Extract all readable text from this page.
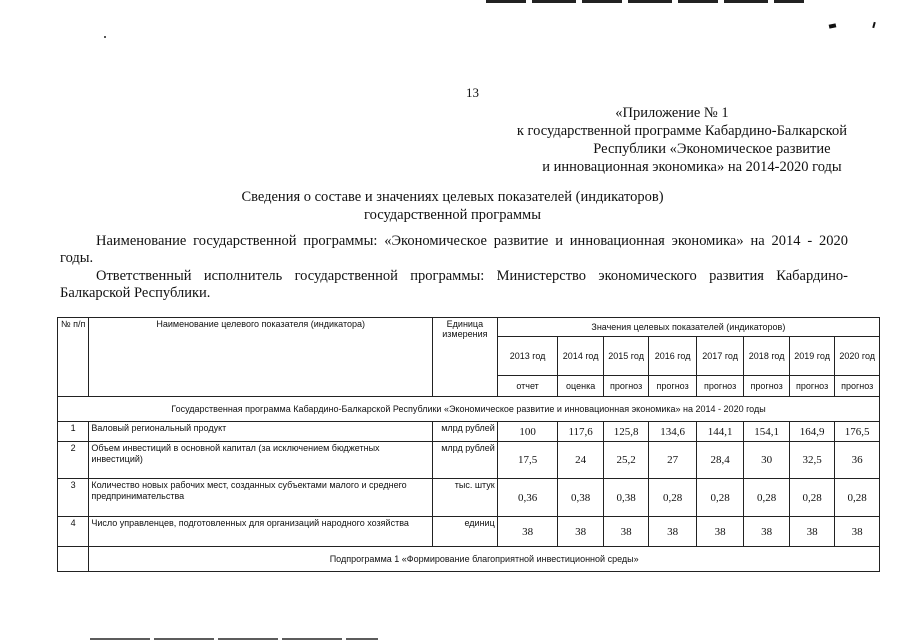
13
«Приложение № 1
к государственной программе Кабардино-Балкарской
Республики «Экономическое развитие
и инновационная экономика» на 2014-2020 годы
Сведения о составе и значениях целевых показателей (индикаторов)
государственной программы
Наименование государственной программы: «Экономическое развитие и инновационная экономика» на 2014 - 2020 годы.
Ответственный исполнитель государственной программы: Министерство экономического развития Кабардино-Балкарской Республики.
№ п/п	Наименование целевого показателя (индикатора)	Единица измерения	Значения целевых показателей (индикаторов)							
			2013 год	2014 год	2015 год	2016 год	2017 год	2018 год	2019 год	2020 год
			отчет	оценка	прогноз	прогноз	прогноз	прогноз	прогноз	прогноз
Государственная программа Кабардино-Балкарской Республики «Экономическое развитие и инновационная экономика» на 2014 - 2020 годы										
1	Валовый региональный продукт	млрд рублей	100	117,6	125,8	134,6	144,1	154,1	164,9	176,5
2	Объем инвестиций в основной капитал (за исключением бюджетных инвестиций)	млрд рублей	17,5	24	25,2	27	28,4	30	32,5	36
3	Количество новых рабочих мест, созданных субъектами малого и среднего предпринимательства	тыс. штук	0,36	0,38	0,38	0,28	0,28	0,28	0,28	0,28
4	Число управленцев, подготовленных для организаций народного хозяйства	единиц	38	38	38	38	38	38	38	38
	Подпрограмма 1 «Формирование благоприятной инвестиционной среды»									
